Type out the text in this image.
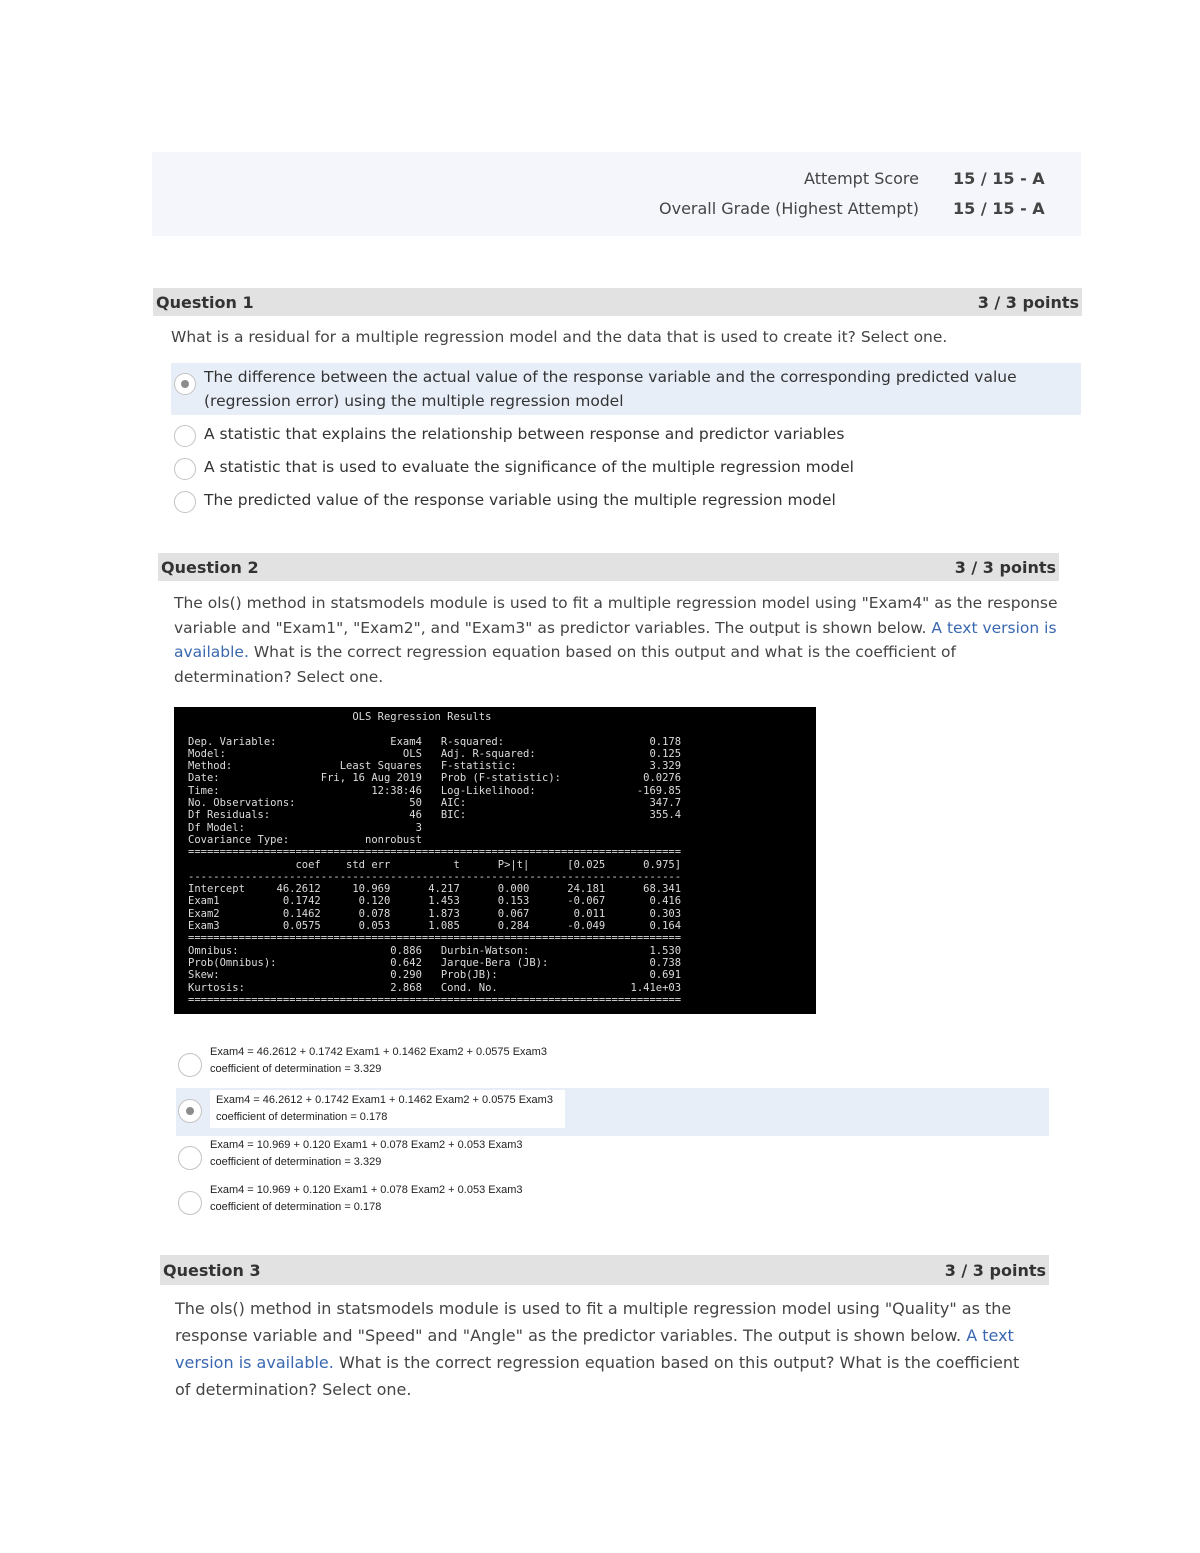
Attempt Score	15 / 15 - A
Overall Grade (Highest Attempt)	15 / 15 - A
Question 1	3 / 3 points
What is a residual for a multiple regression model and the data that is used to create it? Select one.
The difference between the actual value of the response variable and the corresponding predicted value (regression error) using the multiple regression model
A statistic that explains the relationship between response and predictor variables
A statistic that is used to evaluate the significance of the multiple regression model
The predicted value of the response variable using the multiple regression model
Question 2	3 / 3 points
The ols() method in statsmodels module is used to fit a multiple regression model using "Exam4" as the response variable and "Exam1", "Exam2", and "Exam3" as predictor variables. The output is shown below. A text version is available. What is the correct regression equation based on this output and what is the coefficient of determination? Select one.
OLS Regression Results

Dep. Variable:                  Exam4   R-squared:                       0.178
Model:                            OLS   Adj. R-squared:                  0.125
Method:                 Least Squares   F-statistic:                     3.329
Date:                Fri, 16 Aug 2019   Prob (F-statistic):             0.0276
Time:                        12:38:46   Log-Likelihood:                -169.85
No. Observations:                  50   AIC:                             347.7
Df Residuals:                      46   BIC:                             355.4
Df Model:                           3
Covariance Type:            nonrobust
==============================================================================
coef    std err          t      P>|t|      [0.025      0.975]
------------------------------------------------------------------------------
Intercept     46.2612     10.969      4.217      0.000      24.181      68.341
Exam1          0.1742      0.120      1.453      0.153      -0.067       0.416
Exam2          0.1462      0.078      1.873      0.067       0.011       0.303
Exam3          0.0575      0.053      1.085      0.284      -0.049       0.164
==============================================================================
Omnibus:                        0.886   Durbin-Watson:                   1.530
Prob(Omnibus):                  0.642   Jarque-Bera (JB):                0.738
Skew:                           0.290   Prob(JB):                        0.691
Kurtosis:                       2.868   Cond. No.                     1.41e+03
==============================================================================
Exam4 = 46.2612 + 0.1742 Exam1 + 0.1462 Exam2 + 0.0575 Exam3
coefficient of determination = 3.329
Exam4 = 46.2612 + 0.1742 Exam1 + 0.1462 Exam2 + 0.0575 Exam3
coefficient of determination = 0.178
Exam4 = 10.969 + 0.120 Exam1 + 0.078 Exam2 + 0.053 Exam3
coefficient of determination = 3.329
Exam4 = 10.969 + 0.120 Exam1 + 0.078 Exam2 + 0.053 Exam3
coefficient of determination = 0.178
Question 3	3 / 3 points
The ols() method in statsmodels module is used to fit a multiple regression model using "Quality" as the response variable and "Speed" and "Angle" as the predictor variables. The output is shown below. A text version is available. What is the correct regression equation based on this output? What is the coefficient of determination? Select one.
